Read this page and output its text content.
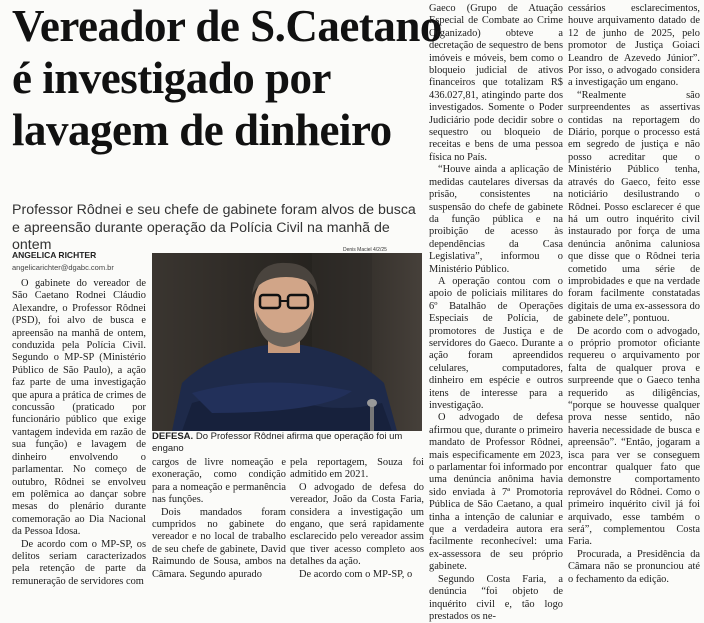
Vereador de S.Caetano
é investigado por
lavagem de dinheiro

Professor Rôdnei e seu chefe de gabinete foram alvos de busca e apreensão durante operação da Polícia Civil na manhã de ontem

ANGELICA RICHTER
angelicarichter@dgabc.com.br
Denis Maciel 4/2/25

O gabinete do vereador de São Caetano Rodnei Cláudio Alexandre, o Professor Rôdnei (PSD), foi alvo de busca e apreensão na manhã de ontem, conduzida pela Polícia Civil. Segundo o MP-SP (Ministério Público de São Paulo), a ação faz parte de uma investigação que apura a prática de crimes de concussão (praticado por funcionário público que exige vantagem indevida em razão de sua função) e lavagem de dinheiro envolvendo o parlamentar. No começo de outubro, Rôdnei se envolveu em polêmica ao dançar sobre mesas do plenário durante comemoração ao Dia Nacional da Pessoa Idosa.

De acordo com o MP-SP, os delitos seriam caracterizados pela retenção de parte da remuneração de servidores com

DEFESA. Do Professor Rôdnei afirma que operação foi um engano

cargos de livre nomeação e exoneração, como condição para a nomeação e permanência nas funções.

Dois mandados foram cumpridos no gabinete do vereador e no local de trabalho de seu chefe de gabinete, David Raimundo de Sousa, ambos na Câmara. Segundo apurado

pela reportagem, Souza foi admitido em 2021.

O advogado de defesa do vereador, João da Costa Faria, considera a investigação um engano, que será rapidamente esclarecido pelo vereador assim que tiver acesso completo aos detalhes da ação.

De acordo com o MP-SP, o

Gaeco (Grupo de Atuação Especial de Combate ao Crime Organizado) obteve a decretação de sequestro de bens imóveis e móveis, bem como o bloqueio judicial de ativos financeiros que totalizam R$ 436.027,81, atingindo parte dos investigados. Somente o Poder Judiciário pode decidir sobre o sequestro ou bloqueio de receitas e bens de uma pessoa física no País.

“Houve ainda a aplicação de medidas cautelares diversas da prisão, consistentes na suspensão do chefe de gabinete da função pública e na proibição de acesso às dependências da Casa Legislativa”, informou o Ministério Público.

A operação contou com o apoio de policiais militares do 6º Batalhão de Operações Especiais de Polícia, de promotores de Justiça e de servidores do Gaeco. Durante a ação foram apreendidos celulares, computadores, dinheiro em espécie e outros itens de interesse para a investigação.

O advogado de defesa afirmou que, durante o primeiro mandato de Professor Rôdnei, mais especificamente em 2023, o parlamentar foi informado por uma denúncia anônima havia sido enviada à 7ª Promotoria Pública de São Caetano, a qual tinha a intenção de caluniar e que a verdadeira autora era facilmente reconhecível: uma ex-assessora de seu próprio gabinete.

Segundo Costa Faria, a denúncia “foi objeto de inquérito civil e, tão logo prestados os ne-

cessários esclarecimentos, houve arquivamento datado de 12 de junho de 2025, pelo promotor de Justiça Goiaci Leandro de Azevedo Júnior”. Por isso, o advogado considera a investigação um engano.

“Realmente são surpreendentes as assertivas contidas na reportagem do Diário, porque o processo está em segredo de justiça e não posso acreditar que o Ministério Público tenha, através do Gaeco, feito esse noticiário desilustrando o Rôdnei. Posso esclarecer é que há um outro inquérito civil instaurado por força de uma denúncia anônima caluniosa que disse que o Rôdnei teria cometido uma série de improbidades e que na verdade foram facilmente constatadas digitais de uma ex-assessora do gabinete dele”, pontuou.

De acordo com o advogado, o próprio promotor oficiante requereu o arquivamento por falta de qualquer prova e surpreende que o Gaeco tenha requerido as diligências, “porque se houvesse qualquer prova nesse sentido, não haveria necessidade de busca e apreensão”. “Então, jogaram a isca para ver se conseguem encontrar qualquer fato que demonstre comportamento reprovável do Rôdnei. Como o primeiro inquérito civil já foi arquivado, esse também o será”, complementou Costa Faria.

Procurada, a Presidência da Câmara não se pronunciou até o fechamento da edição.
